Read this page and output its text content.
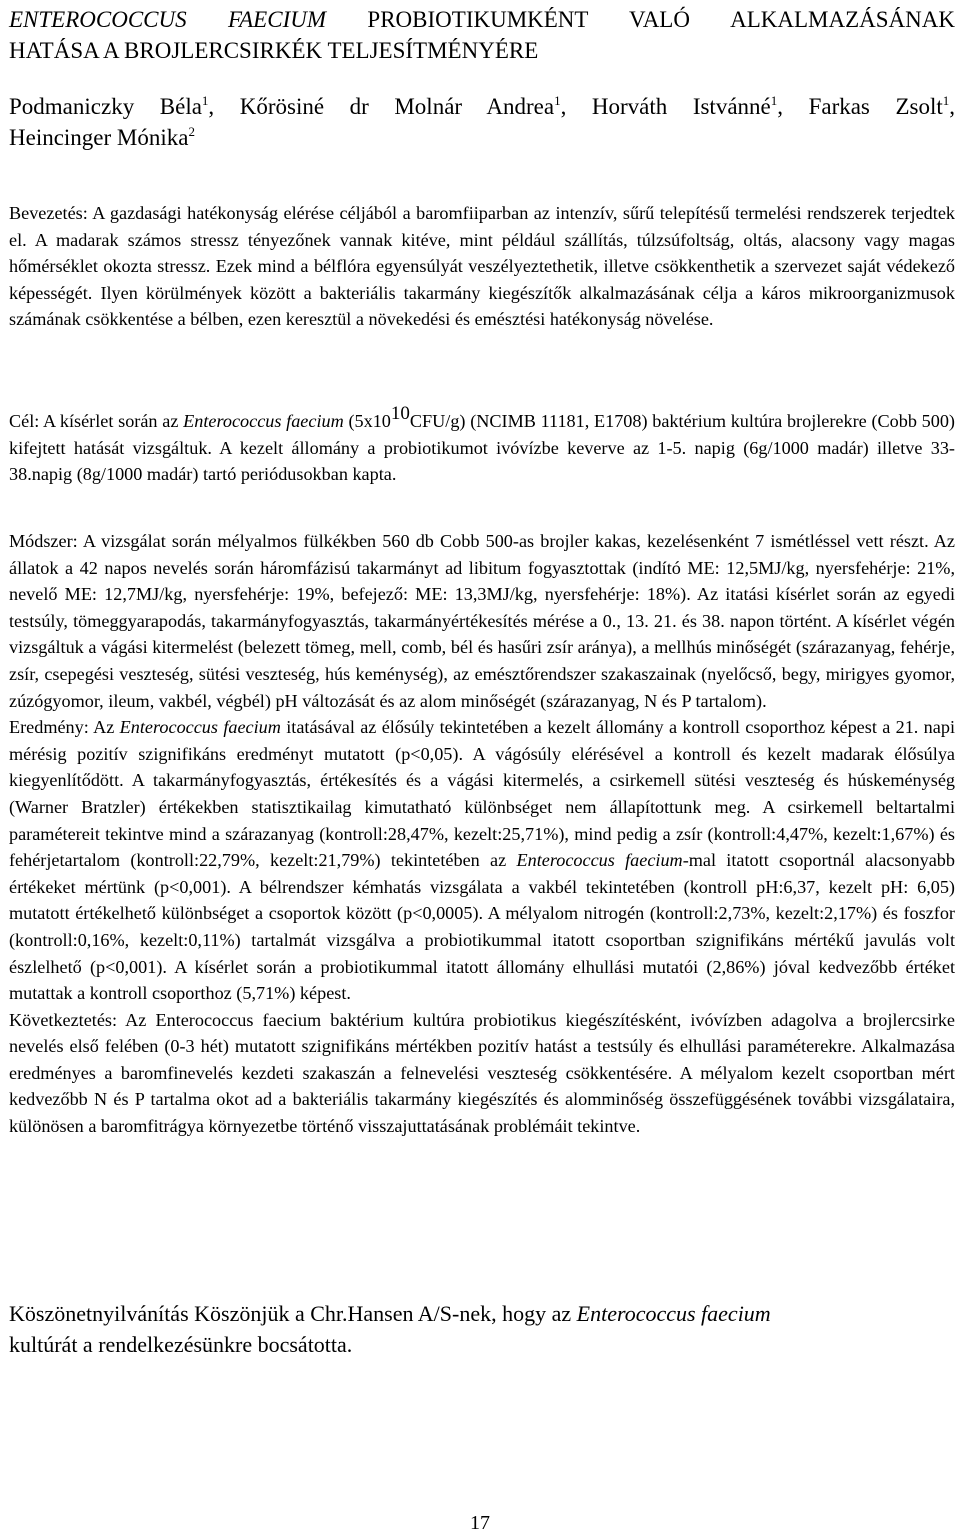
ENTEROCOCCUS FAECIUM PROBIOTIKUMKÉNT VALÓ ALKALMAZÁSÁNAK
HATÁSA A BROJLERCSIRKÉK TELJESÍTMÉNYÉRE
Podmaniczky Béla$^1$, Kőrösiné dr Molnár Andrea$^1$, Horváth Istvánné$^1$, Farkas Zsolt$^1$,
Heincinger Mónika$^2$

Bevezetés: A gazdasági hatékonyság elérése céljából a baromfiiparban az intenzív, sűrű telepítésű termelési rendszerek terjedtek el. A madarak számos stressz tényezőnek vannak kitéve, mint például szállítás, túlzsúfoltság, oltás, alacsony vagy magas hőmérséklet okozta stressz. Ezek mind a bélflóra egyensúlyát veszélyeztethetik, illetve csökkenthetik a szervezet saját védekező képességét. Ilyen körülmények között a bakteriális takarmány kiegészítők alkalmazásának célja a káros mikroorganizmusok számának csökkentése a bélben, ezen keresztül a növekedési és emésztési hatékonyság növelése.

Cél: A kísérlet során az Enterococcus faecium $(5x10^{10}CFU/g)$ (NCIMB 11181, E1708) baktérium kultúra brojlerekre (Cobb 500) kifejtett hatását vizsgáltuk. A kezelt állomány a probiotikumot ivóvízbe keverve az 1-5. napig (6g/1000 madár) illetve 33-38.napig (8g/1000 madár) tartó periódusokban kapta.

Módszer: A vizsgálat során mélyalmos fülkékben 560 db Cobb 500-as brojler kakas, kezelésenként 7 ismétléssel vett részt. Az állatok a 42 napos nevelés során háromfázisú takarmányt ad libitum fogyasztottak (indító ME: 12,5MJ/kg, nyersfehérje: 21%, nevelő ME: 12,7MJ/kg, nyersfehérje: 19%, befejező: ME: 13,3MJ/kg, nyersfehérje: 18%). Az itatási kísérlet során az egyedi testsúly, tömeggyarapodás, takarmányfogyasztás, takarmányértékesítés mérése a 0., 13. 21. és 38. napon történt. A kísérlet végén vizsgáltuk a vágási kitermelést (belezett tömeg, mell, comb, bél és hasűri zsír aránya), a mellhús minőségét (szárazanyag, fehérje, zsír, csepegési veszteség, sütési veszteség, hús keménység), az emésztőrendszer szakaszainak (nyelőcső, begy, mirigyes gyomor, zúzógyomor, ileum, vakbél, végbél) pH változását és az alom minőségét (szárazanyag, N és P tartalom).

Eredmény: Az Enterococcus faecium itatásával az élősúly tekintetében a kezelt állomány a kontroll csoporthoz képest a 21. napi mérésig pozitív szignifikáns eredményt mutatott (p<0,05). A vágósúly elérésével a kontroll és kezelt madarak élősúlya kiegyenlítődött. A takarmányfogyasztás, értékesítés és a vágási kitermelés, a csirkemell sütési veszteség és húskeménység (Warner Bratzler) értékekben statisztikailag kimutatható különbséget nem állapítottunk meg. A csirkemell beltartalmi paramétereit tekintve mind a szárazanyag (kontroll:28,47%, kezelt:25,71%), mind pedig a zsír (kontroll:4,47%, kezelt:1,67%) és fehérjetartalom (kontroll:22,79%, kezelt:21,79%) tekintetében az Enterococcus faecium-mal itatott csoportnál alacsonyabb értékeket mértünk (p<0,001). A bélrendszer kémhatás vizsgálata a vakbél tekintetében (kontroll pH:6,37, kezelt pH: 6,05) mutatott értékelhető különbséget a csoportok között (p<0,0005). A mélyalom nitrogén (kontroll:2,73%, kezelt:2,17%) és foszfor (kontroll:0,16%, kezelt:0,11%) tartalmát vizsgálva a probiotikummal itatott csoportban szignifikáns mértékű javulás volt észlelhető (p<0,001). A kísérlet során a probiotikummal itatott állomány elhullási mutatói (2,86%) jóval kedvezőbb értéket mutattak a kontroll csoporthoz (5,71%) képest.

Következtetés: Az Enterococcus faecium baktérium kultúra probiotikus kiegészítésként, ivóvízben adagolva a brojlercsirke nevelés első felében (0-3 hét) mutatott szignifikáns mértékben pozitív hatást a testsúly és elhullási paraméterekre. Alkalmazása eredményes a baromfinevelés kezdeti szakaszán a felnevelési veszteség csökkentésére. A mélyalom kezelt csoportban mért kedvezőbb N és P tartalma okot ad a bakteriális takarmány kiegészítés és alomminőség összefüggésének további vizsgálataira, különösen a baromfitrágya környezetbe történő visszajuttatásának problémáit tekintve.

Köszönetnyilvánítás Köszönjük a Chr.Hansen A/S-nek, hogy az Enterococcus faecium
kultúrát a rendelkezésünkre bocsátotta.

17
